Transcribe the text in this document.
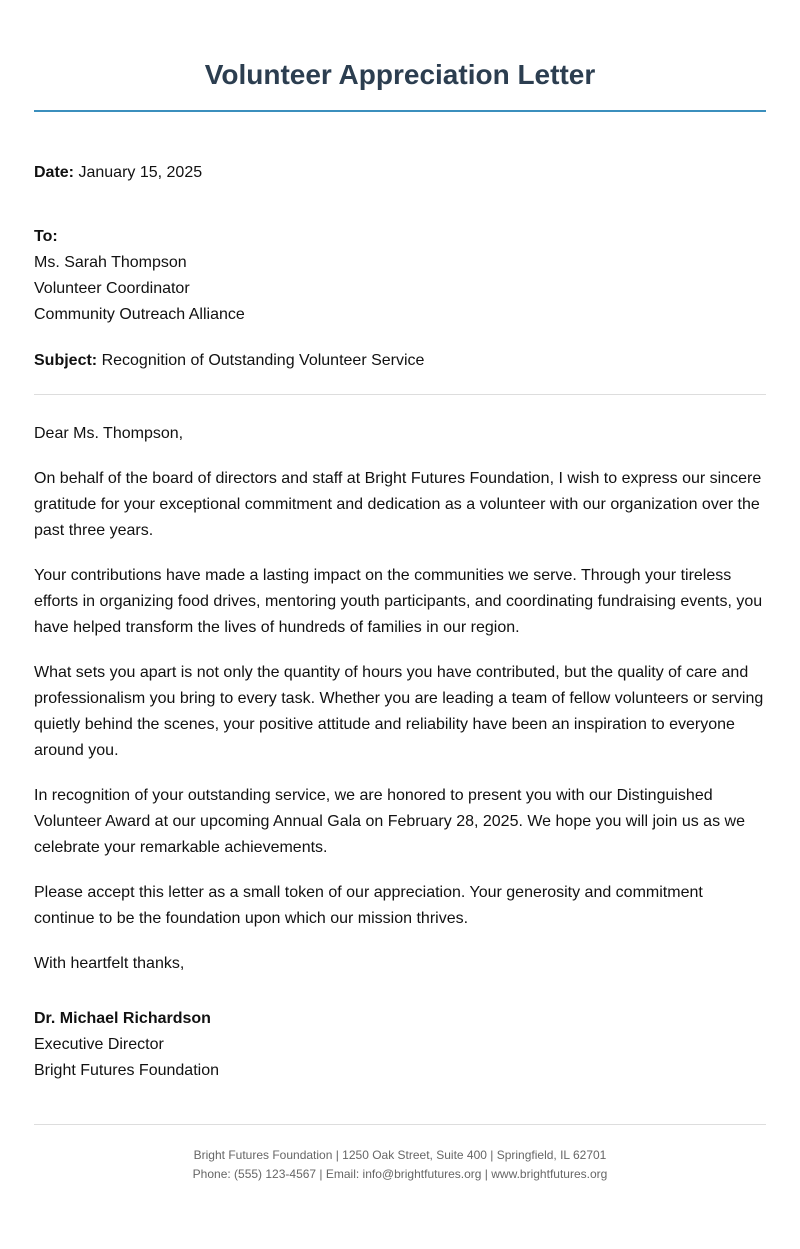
Volunteer Appreciation Letter
Date: January 15, 2025
To:
Ms. Sarah Thompson
Volunteer Coordinator
Community Outreach Alliance
Subject: Recognition of Outstanding Volunteer Service
Dear Ms. Thompson,
On behalf of the board of directors and staff at Bright Futures Foundation, I wish to express our sincere gratitude for your exceptional commitment and dedication as a volunteer with our organization over the past three years.
Your contributions have made a lasting impact on the communities we serve. Through your tireless efforts in organizing food drives, mentoring youth participants, and coordinating fundraising events, you have helped transform the lives of hundreds of families in our region.
What sets you apart is not only the quantity of hours you have contributed, but the quality of care and professionalism you bring to every task. Whether you are leading a team of fellow volunteers or serving quietly behind the scenes, your positive attitude and reliability have been an inspiration to everyone around you.
In recognition of your outstanding service, we are honored to present you with our Distinguished Volunteer Award at our upcoming Annual Gala on February 28, 2025. We hope you will join us as we celebrate your remarkable achievements.
Please accept this letter as a small token of our appreciation. Your generosity and commitment continue to be the foundation upon which our mission thrives.
With heartfelt thanks,
Dr. Michael Richardson
Executive Director
Bright Futures Foundation
Bright Futures Foundation | 1250 Oak Street, Suite 400 | Springfield, IL 62701
Phone: (555) 123-4567 | Email: info@brightfutures.org | www.brightfutures.org
